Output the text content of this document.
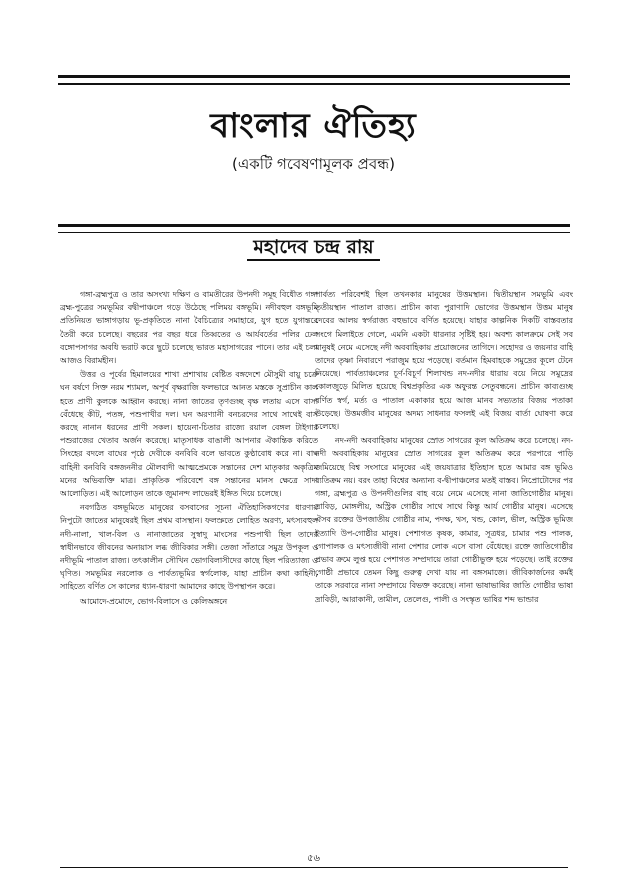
বাংলার ঐতিহ্য
(একটি গবেষণামূলক প্রবন্ধ)
মহাদেব চন্দ্র রায়

গঙ্গা-ব্রহ্মপুত্র ও তার অসংখ্য দক্ষিণ ও বামতীরের উপনদী সমূহ বিধৌত গঙ্গা ব্রহ্ম-পুত্রের সমভূমির বদ্বীপাঞ্চলে গড়ে উঠেছে পলিময় বঙ্গভূমি। নদীবহুল বঙ্গভূমি প্রতিনিয়ত ভাঙ্গাগড়ায় ভূ-প্রকৃতিতে নানা বৈচিত্র্যের সমাহারে, যুগ হতে যুগান্তরে তৈরী করে চলেছে। বছরের পর বছর ধরে তিব্বতের ও আর্যবর্তের পলির ঢেল বঙ্গোপসাগর অবধি ভরাট করে ছুটে চলেছে ভারত মহাসাগরের পানে। তার এই চলা আজও বিরামহীন।

উত্তর ও পূর্বের হিমালয়ের শাখা প্রশাখায় বেষ্টিত বঙ্গদেশে মৌসুমী বায়ু চক্রে ঘন বর্ষণে সিক্ত নরম শ্যামল, অপূর্ব বৃক্ষরাজি ফলভারে আনত মস্তকে সুপ্রাচীন কাল হতে প্রাণী কুলকে আহ্বান করছে। নানা জাতের তৃণগুচ্ছ বৃক্ষ লতায় এসে বাসা বেঁধেছে কীট, পতঙ্গ, পশুপাখীর দল। ঘন অরণ্যানী বনচরদের সাথে সাথেই বাস করছে নানান ধরনের প্রাণী সকল। হায়েনা-চিতার রাজ্যে রয়াল বেঙ্গল টাইগার পশুরাজের খেতাব অর্জন করেছে। মাতৃসাধক বাঙালী আপনার ঐকান্তিক করিতে সিংহের বদলে বাঘের পৃষ্ঠে দেবীকে বনবিবি বলে ভাবতে কুণ্ঠাবোধ করে না। বাঘ বাহিনী বনবিবি বঙ্গজননীর মৌলবাদী আত্মপ্রেমকে সন্তানের দেশ মাতৃকার অকৃত্রিম মনের অভিব্যক্তি মাত্র। প্রাকৃতিক পরিবেশে বঙ্গ সন্তানের মানস ক্ষেত্রে সাদা আলোড়িত। এই আলোড়ন তাকে জুমানন্দ লাভেরই ইঙ্গিত দিয়ে চলেছে।

নবগঠিত বঙ্গভূমিতে মানুষের বসবাসের সূচনা ঐতিহাসিকগণের ধারণায় নিপুটো জাতের মানুষেরই ছিল প্রথম বাসস্থান। ফলস্রুতে লোহিত অরণ্য, মৎস্যবহুল নদী-নালা, খাল-বিল ও নানাজাতের সুস্বাদু মাংসের পশুপাখী ছিল তাদের স্বাধীনভাবে জীবনের অনায়াস লব্ধ জীবিকার সঙ্গী। তেজা সাঁতারে সমুদ্র উপকূল ও নদীভূমি পাতাল রাজ্য। তৎকালীন সৌখিন ভোগবিলাসীদের কাছে ছিল পরিত্যাজ্য ও ঘৃণিত। সমভূমির নরলোক ও পার্বত্যভূমির স্বর্গলোক, যাহা প্রাচীন কথা কাহিনী, সাহিত্যে বর্ণিত সে কালের ধ্যান-ধারণা আমাদের কাছে উপস্থাপন করে।

আমোদে-প্রমোদে, ভোগ-বিলাসে ও কেলিঅঙ্গনে

পার্বত্য পরিবেশই ছিল তখনকার মানুষের উত্তমস্থান। দ্বিতীয়স্থান সমভূমি এবং তৃতীয়স্থান পাতাল রাজ্য। প্রাচীন কাব্য পুরাণাদি ভোগের উত্তমস্থান উত্তম মানুষ দেবের আলয় স্বর্গরাজ্য বহুভাবে বর্ণিত হয়েছে। যাহার কাল্পনিক দিকটি বাস্তবতার সংগে মিলাইতে গেলে, এমনি একটা ধারনার সৃষ্টিই হয়। অবশ্য কালক্রমে সেই সব মানুষই নেমে এসেছে নদী অববাহিকায় প্রয়োজনের তাগিদে। সহোদর ও জয়নার বাহি তাদের তৃষ্ণা নিবারণে পরাজুম হয়ে পড়েছে। বর্তমান হিমবাহকে সমুদ্রের কূলে টেনে নিয়েছে। পার্বত্যাঞ্চলের চূর্ণ-বিচূর্ণ শিলাখন্ড নদ-নদীর ধারায় বয়ে নিয়ে সমুদ্রের কোলজুড়ে মিলিত হয়েছে বিশ্বপ্রকৃতির এক অফুরন্ত সেতুবন্ধনে। প্রাচীন কাব্যগুচ্ছ বর্ণিত স্বর্গ, মর্ত্য ও পাতাল একাকার হয়ে আজ মানব সভ্যতার বিজয় পতাকা উড়েছে। উত্তমজীব মানুষের অদম্য সাধনার ফসলই এই বিজয় বার্তা ঘোষণা করে চলেছে।

নদ-নদী অববাহিকায় মানুষের স্রোত সাগরের কূল অতিক্রম করে চলেছে। নদ-নদী অববাহিকায় মানুষের স্রোত সাগরের কূল অতিক্রম করে পরপারে পাড়ি জমিয়েছে বিশ্ব সংসারে মানুষের এই জয়যাত্রার ইতিহাস হতে আমার বঙ্গ ভূমিও ব্যতিক্রম নয়। বরং তাহা বিশ্বের অন্যান্য ব-দ্বীপাঞ্চলের মতই বাস্তব। নিপ্রোটোদের পর গঙ্গা, ব্রহ্মপুত্র ও উপনদীগুলির বাহ বয়ে নেমে এসেছে নানা জাতিগোষ্ঠীর মানুষ। দ্রাবিড়, মোঙ্গলীয়, অস্ট্রিক গোষ্ঠীর সাথে সাথে কিন্তু আর্য গোষ্ঠীর মানুষ। এসেছে ঐসব রক্তের উপজাতীয় গোষ্ঠীর নাম, পদক্ষ, খস, খন্ড, কোল, ভীল, অস্ট্রিক ভূমিজ ইত্যাদি উপ-গোষ্ঠীর মানুষ। পেশাগত কৃষক, কামার, সূত্রধর, চামার পশু পালক, গোপালক ও মৎস্যজীবী নানা পেশার লোক এসে বাসা বেঁধেছে। রক্তে জাতিগোষ্ঠীর প্রভাব ক্রমে লুপ্ত হয়ে পেশাগত সম্প্রদায়ে তারা গোষ্ঠীভুক্ত হয়ে পড়েছে। তাই রক্তের গোষ্ঠী প্রভাবে তেমন কিছু গুরুত্ব দেখা যায় না বঙ্গসমাজে। জীবিকাৰ্জনের কৰ্মই তাকে সরবারে নানা সম্প্রদায়ে বিভক্ত করেছে। নানা ভাষাভাষির জাতি গোষ্ঠীর ভাষা দ্রাবিড়ী, আরাকানী, তামীল, তেলেগু, পালী ও সংস্কৃত ভাষির শব্দ ভান্ডার

৫৬
